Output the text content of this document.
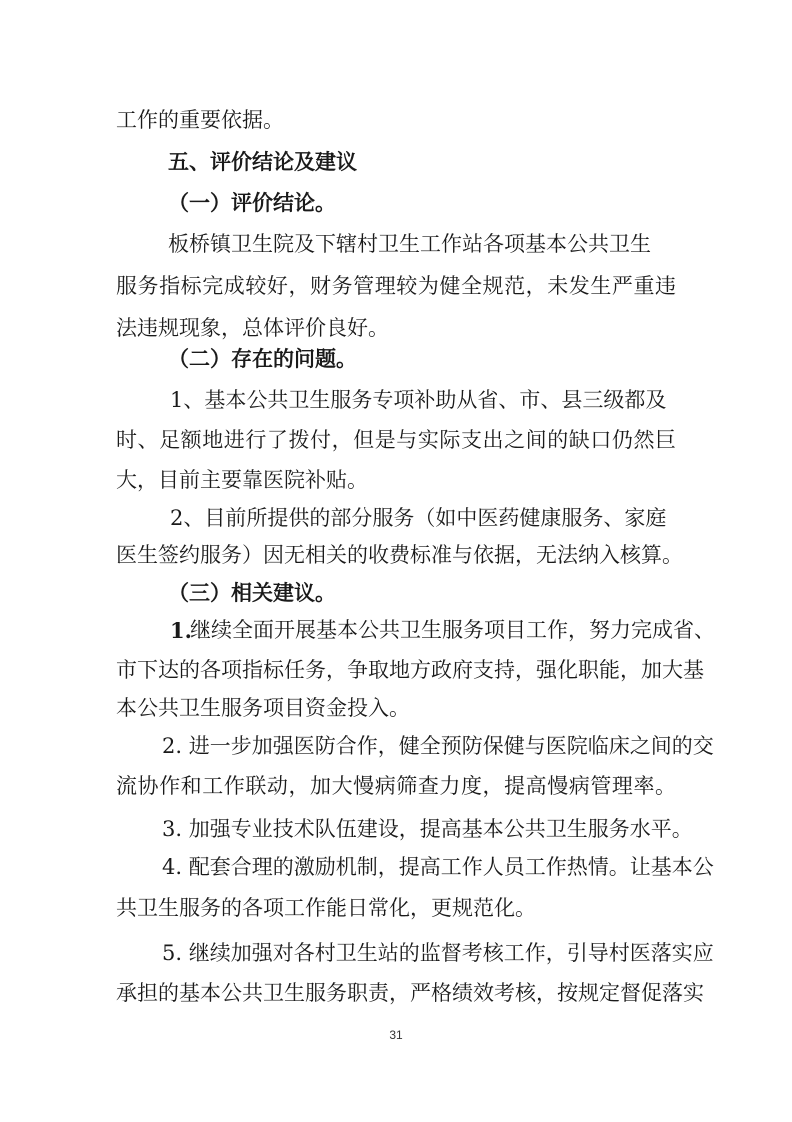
工作的重要依据。
五、评价结论及建议
（一）评价结论。
板桥镇卫生院及下辖村卫生工作站各项基本公共卫生
服务指标完成较好，财务管理较为健全规范，未发生严重违
法违规现象，总体评价良好。
（二）存在的问题。
1、基本公共卫生服务专项补助从省、市、县三级都及
时、足额地进行了拨付，但是与实际支出之间的缺口仍然巨
大，目前主要靠医院补贴。
2、目前所提供的部分服务（如中医药健康服务、家庭
医生签约服务）因无相关的收费标准与依据，无法纳入核算。
（三）相关建议。
1.
继续全面开展基本公共卫生服务项目工作，努力完成省、
市下达的各项指标任务，争取地方政府支持，强化职能，加大基
本公共卫生服务项目资金投入。
2. 进一步加强医防合作，健全预防保健与医院临床之间的交
流协作和工作联动，加大慢病筛查力度，提高慢病管理率。
3. 加强专业技术队伍建设，提高基本公共卫生服务水平。
4. 配套合理的激励机制，提高工作人员工作热情。让基本公
共卫生服务的各项工作能日常化，更规范化。
5. 继续加强对各村卫生站的监督考核工作，引导村医落实应
承担的基本公共卫生服务职责，严格绩效考核，按规定督促落实
31
